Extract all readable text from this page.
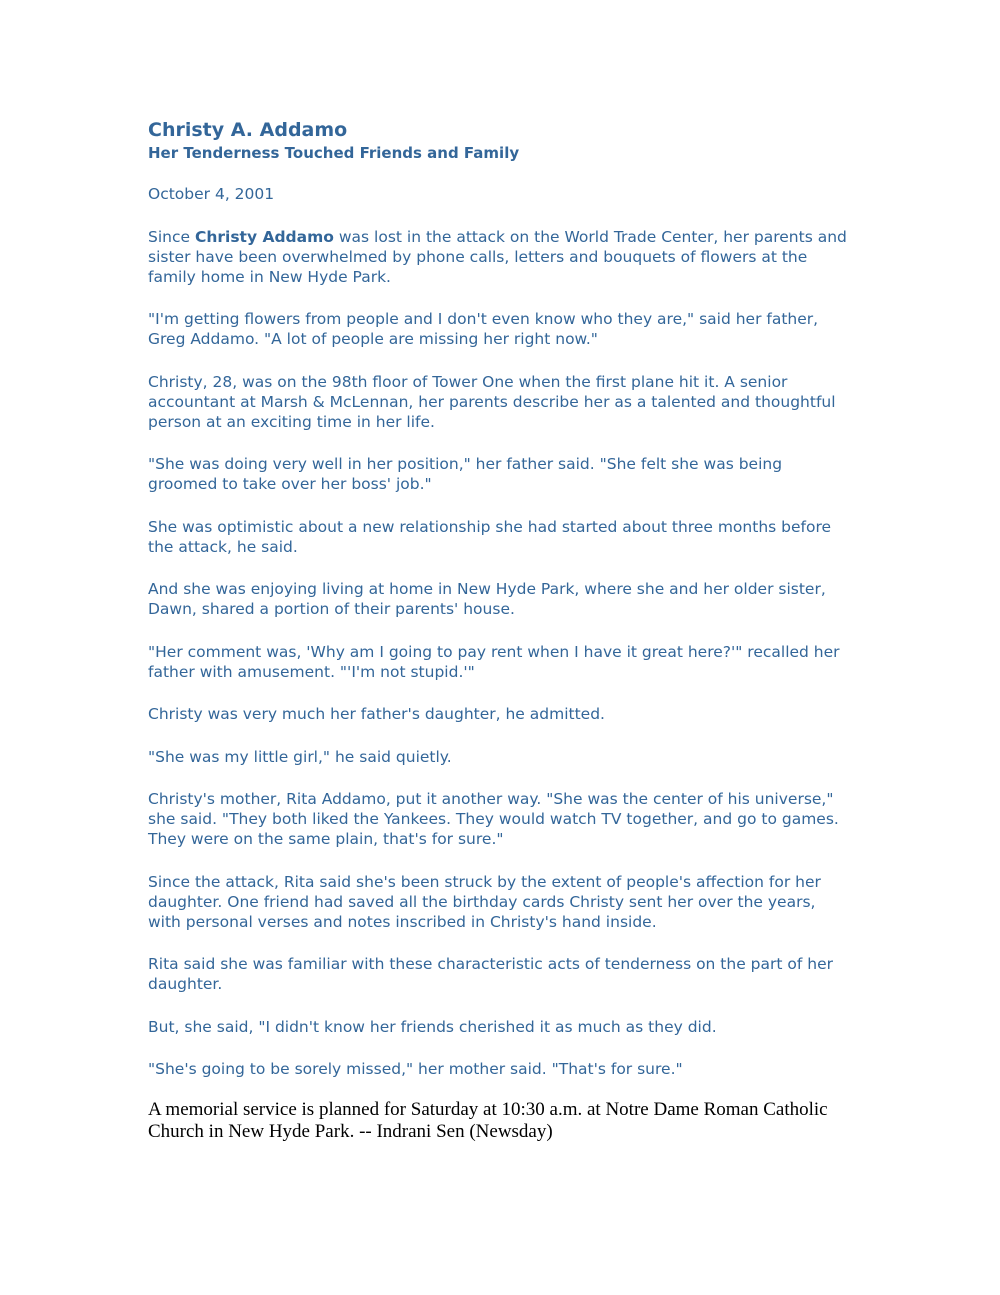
Christy A. Addamo
Her Tenderness Touched Friends and Family

October 4, 2001

Since Christy Addamo was lost in the attack on the World Trade Center, her parents and sister have been overwhelmed by phone calls, letters and bouquets of flowers at the family home in New Hyde Park.

"I'm getting flowers from people and I don't even know who they are," said her father, Greg Addamo. "A lot of people are missing her right now."

Christy, 28, was on the 98th floor of Tower One when the first plane hit it. A senior accountant at Marsh & McLennan, her parents describe her as a talented and thoughtful person at an exciting time in her life.

"She was doing very well in her position," her father said. "She felt she was being groomed to take over her boss' job."

She was optimistic about a new relationship she had started about three months before the attack, he said.

And she was enjoying living at home in New Hyde Park, where she and her older sister, Dawn, shared a portion of their parents' house.

"Her comment was, 'Why am I going to pay rent when I have it great here?'" recalled her father with amusement. "'I'm not stupid.'"

Christy was very much her father's daughter, he admitted.

"She was my little girl," he said quietly.

Christy's mother, Rita Addamo, put it another way. "She was the center of his universe," she said. "They both liked the Yankees. They would watch TV together, and go to games. They were on the same plain, that's for sure."

Since the attack, Rita said she's been struck by the extent of people's affection for her daughter. One friend had saved all the birthday cards Christy sent her over the years, with personal verses and notes inscribed in Christy's hand inside.

Rita said she was familiar with these characteristic acts of tenderness on the part of her daughter.

But, she said, "I didn't know her friends cherished it as much as they did.

"She's going to be sorely missed," her mother said. "That's for sure."

A memorial service is planned for Saturday at 10:30 a.m. at Notre Dame Roman Catholic Church in New Hyde Park. -- Indrani Sen (Newsday)
